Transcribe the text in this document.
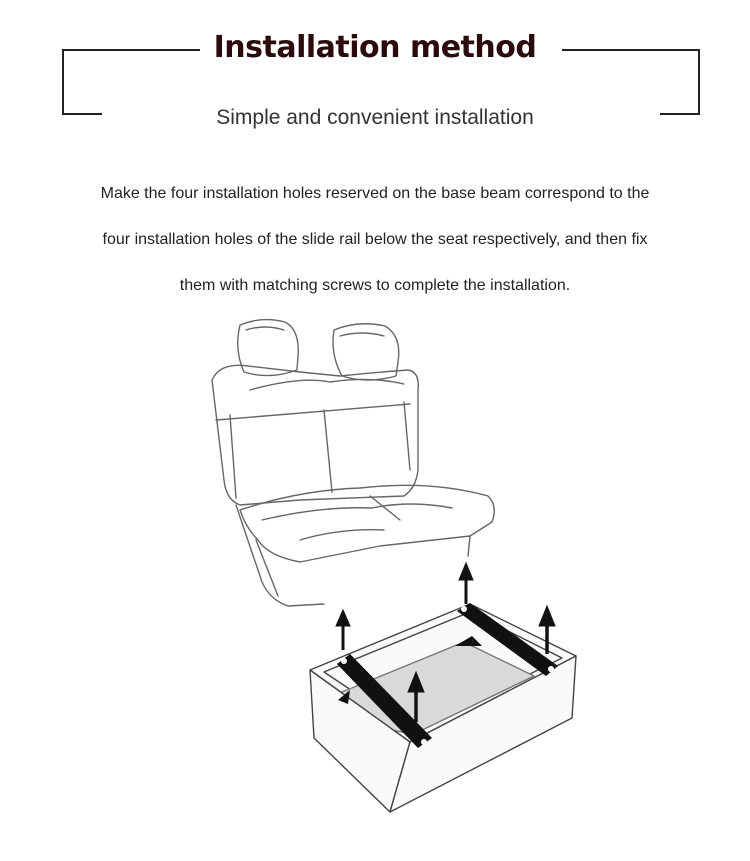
Installation method
Simple and convenient installation
Make the four installation holes reserved on the base beam correspond to the
four installation holes of the slide rail below the seat respectively, and then fix
them with matching screws to complete the installation.
